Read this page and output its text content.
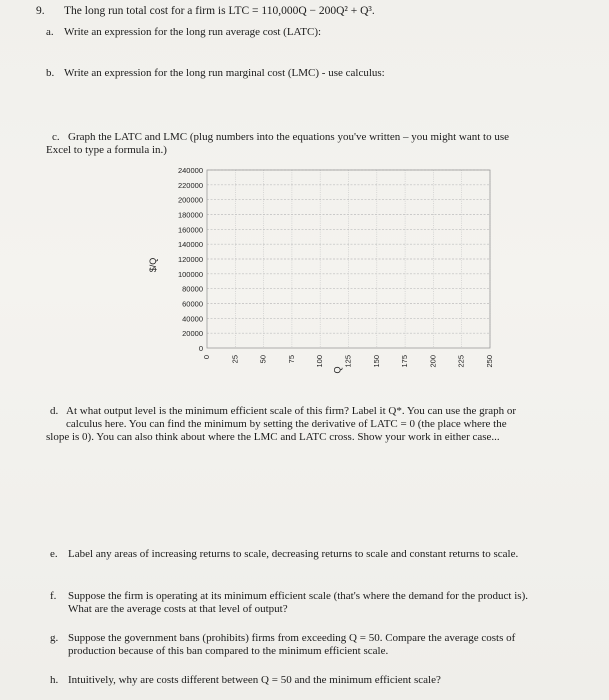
9. The long run total cost for a firm is LTC = 110,000Q − 200Q² + Q³.
a. Write an expression for the long run average cost (LATC):
b. Write an expression for the long run marginal cost (LMC) - use calculus:
c. Graph the LATC and LMC (plug numbers into the equations you've written – you might want to use
Excel to type a formula in.)
0
20000
40000
60000
80000
100000
120000
140000
160000
180000
200000
220000
240000
0	25	50	75	100	125	150	175	200	225	250
$/Q
Q
d. At what output level is the minimum efficient scale of this firm? Label it Q*. You can use the graph or
calculus here. You can find the minimum by setting the derivative of LATC = 0 (the place where the
slope is 0). You can also think about where the LMC and LATC cross. Show your work in either case...
e. Label any areas of increasing returns to scale, decreasing returns to scale and constant returns to scale.
f. Suppose the firm is operating at its minimum efficient scale (that's where the demand for the product is).
What are the average costs at that level of output?
g. Suppose the government bans (prohibits) firms from exceeding Q = 50. Compare the average costs of
production because of this ban compared to the minimum efficient scale.
h. Intuitively, why are costs different between Q = 50 and the minimum efficient scale?
